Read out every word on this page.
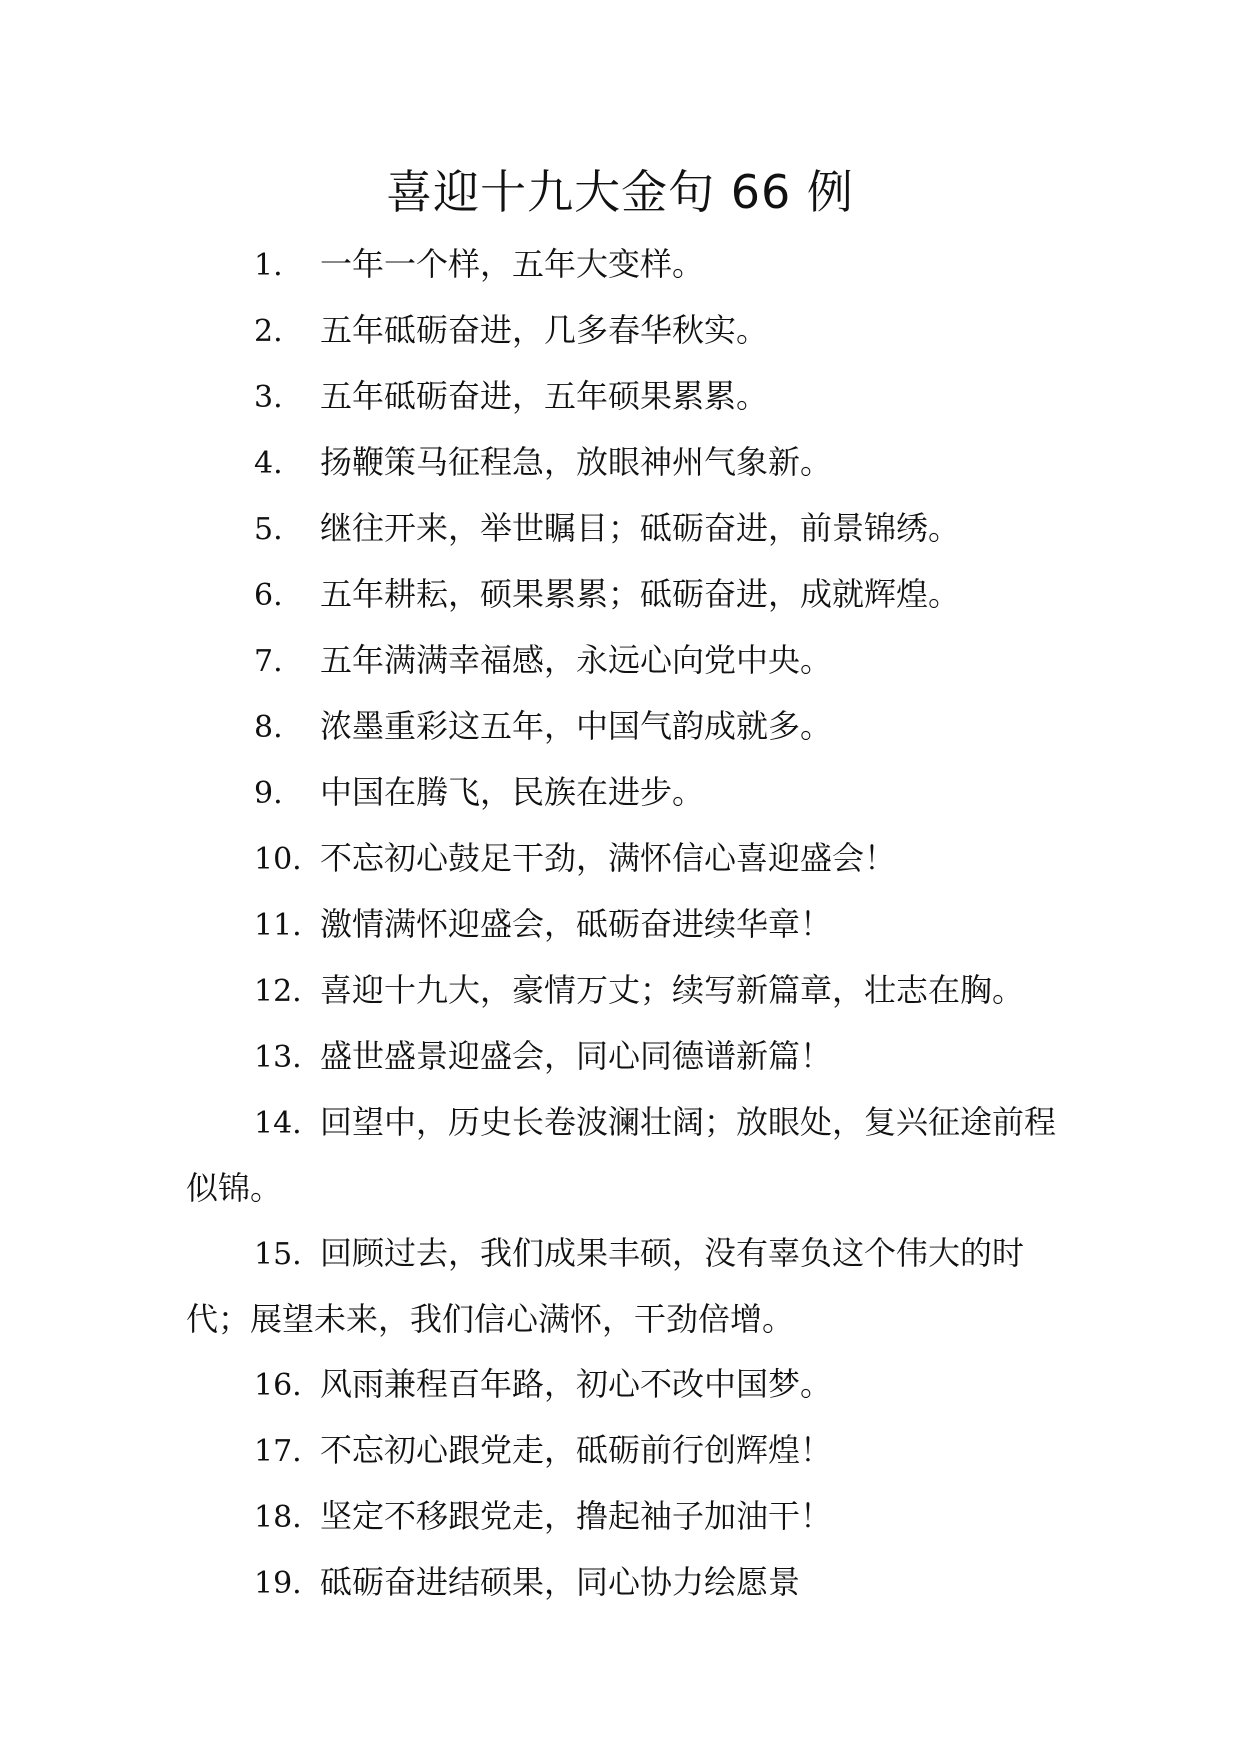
喜迎十九大金句 66 例
1. 一年一个样，五年大变样。
2. 五年砥砺奋进，几多春华秋实。
3. 五年砥砺奋进，五年硕果累累。
4. 扬鞭策马征程急，放眼神州气象新。
5. 继往开来，举世瞩目；砥砺奋进，前景锦绣。
6. 五年耕耘，硕果累累；砥砺奋进，成就辉煌。
7. 五年满满幸福感，永远心向党中央。
8. 浓墨重彩这五年，中国气韵成就多。
9. 中国在腾飞，民族在进步。
10. 不忘初心鼓足干劲，满怀信心喜迎盛会！
11. 激情满怀迎盛会，砥砺奋进续华章！
12. 喜迎十九大，豪情万丈；续写新篇章，壮志在胸。
13. 盛世盛景迎盛会，同心同德谱新篇！
14. 回望中，历史长卷波澜壮阔；放眼处，复兴征途前程似锦。
15. 回顾过去，我们成果丰硕，没有辜负这个伟大的时代；展望未来，我们信心满怀，干劲倍增。
16. 风雨兼程百年路，初心不改中国梦。
17. 不忘初心跟党走，砥砺前行创辉煌！
18. 坚定不移跟党走，撸起袖子加油干！
19. 砥砺奋进结硕果，同心协力绘愿景
